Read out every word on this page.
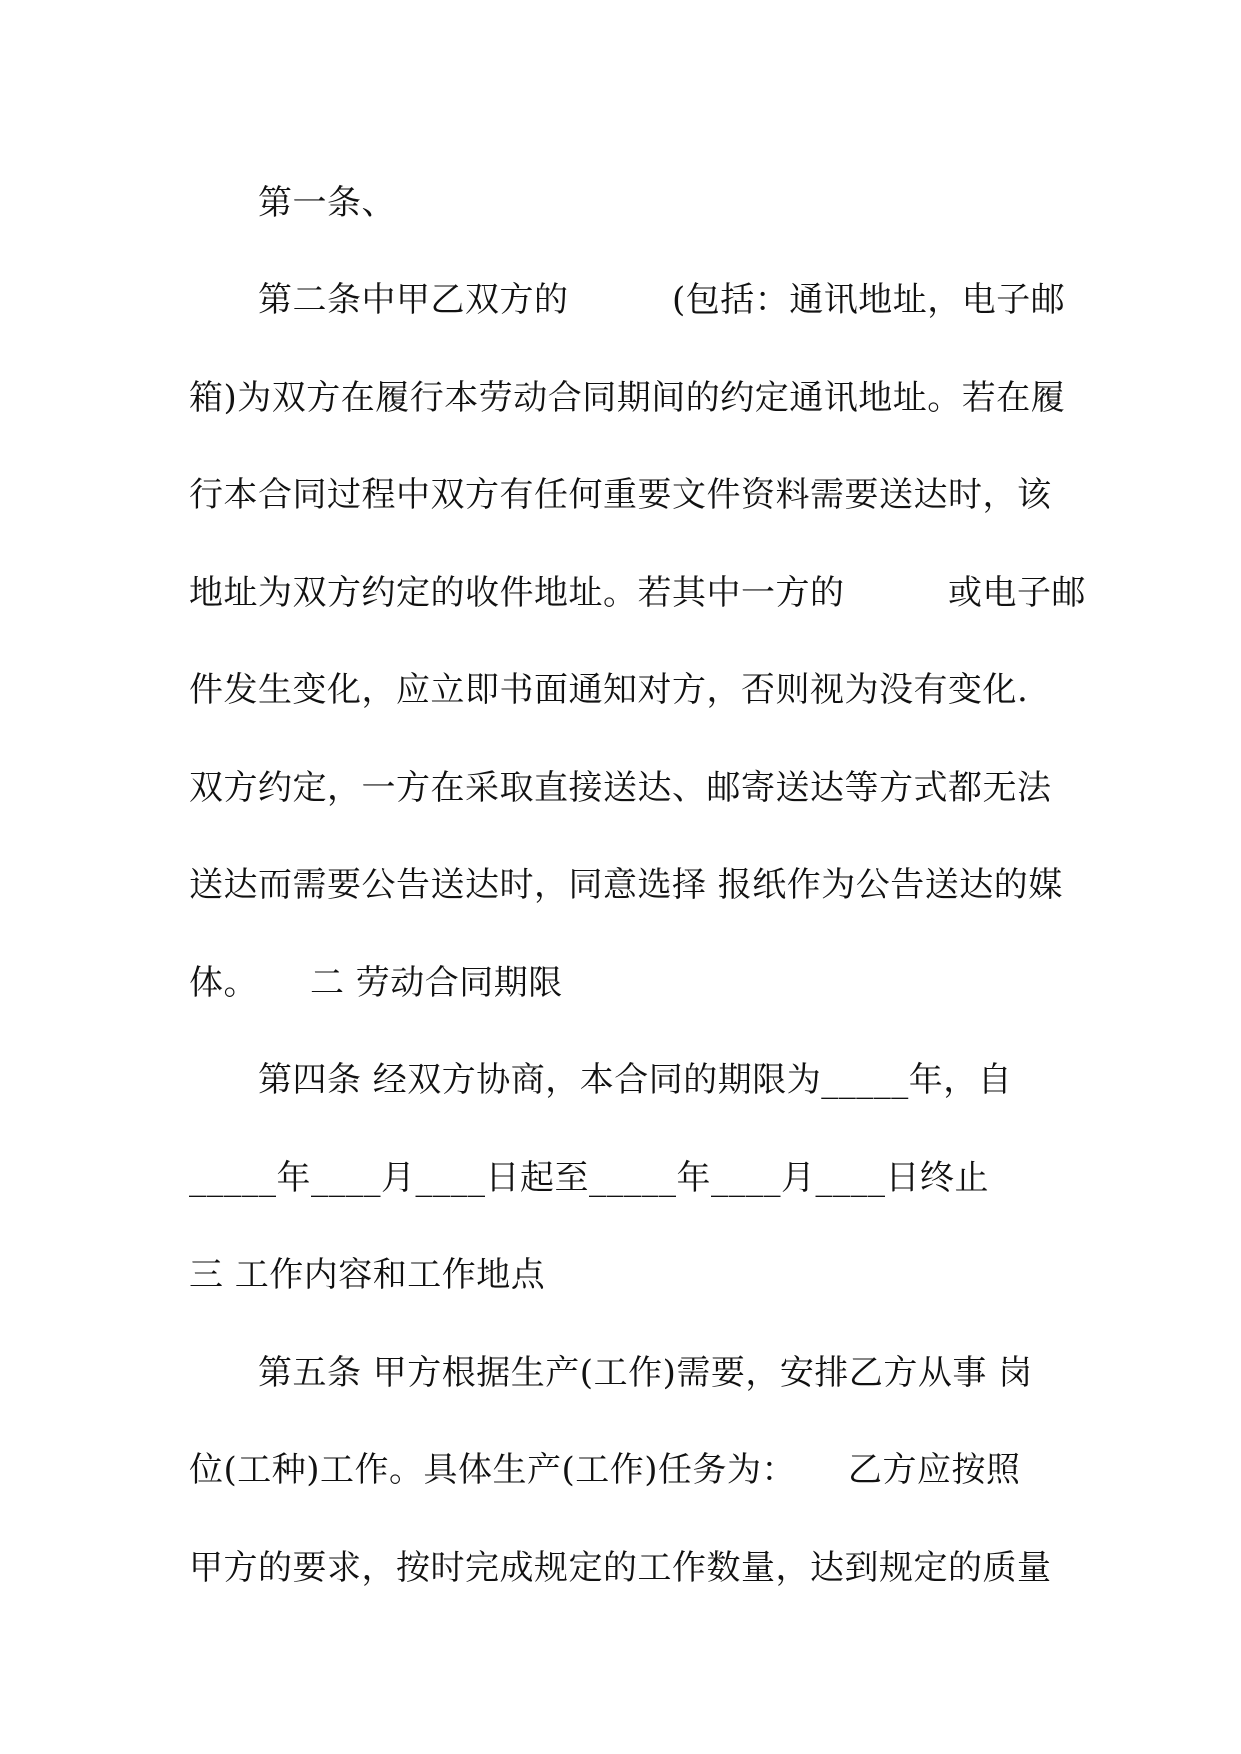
第一条、
第二条中甲乙双方的　　　(包括：通讯地址，电子邮
箱)为双方在履行本劳动合同期间的约定通讯地址。若在履
行本合同过程中双方有任何重要文件资料需要送达时，该
地址为双方约定的收件地址。若其中一方的　　　或电子邮
件发生变化，应立即书面通知对方，否则视为没有变化.
双方约定，一方在采取直接送达、邮寄送达等方式都无法
送达而需要公告送达时，同意选择 报纸作为公告送达的媒
体。　　二 劳动合同期限
第四条 经双方协商，本合同的期限为_____年，自
_____年____月____日起至_____年____月____日终止
三 工作内容和工作地点
第五条 甲方根据生产(工作)需要，安排乙方从事 岗
位(工种)工作。具体生产(工作)任务为：　　乙方应按照
甲方的要求，按时完成规定的工作数量，达到规定的质量
